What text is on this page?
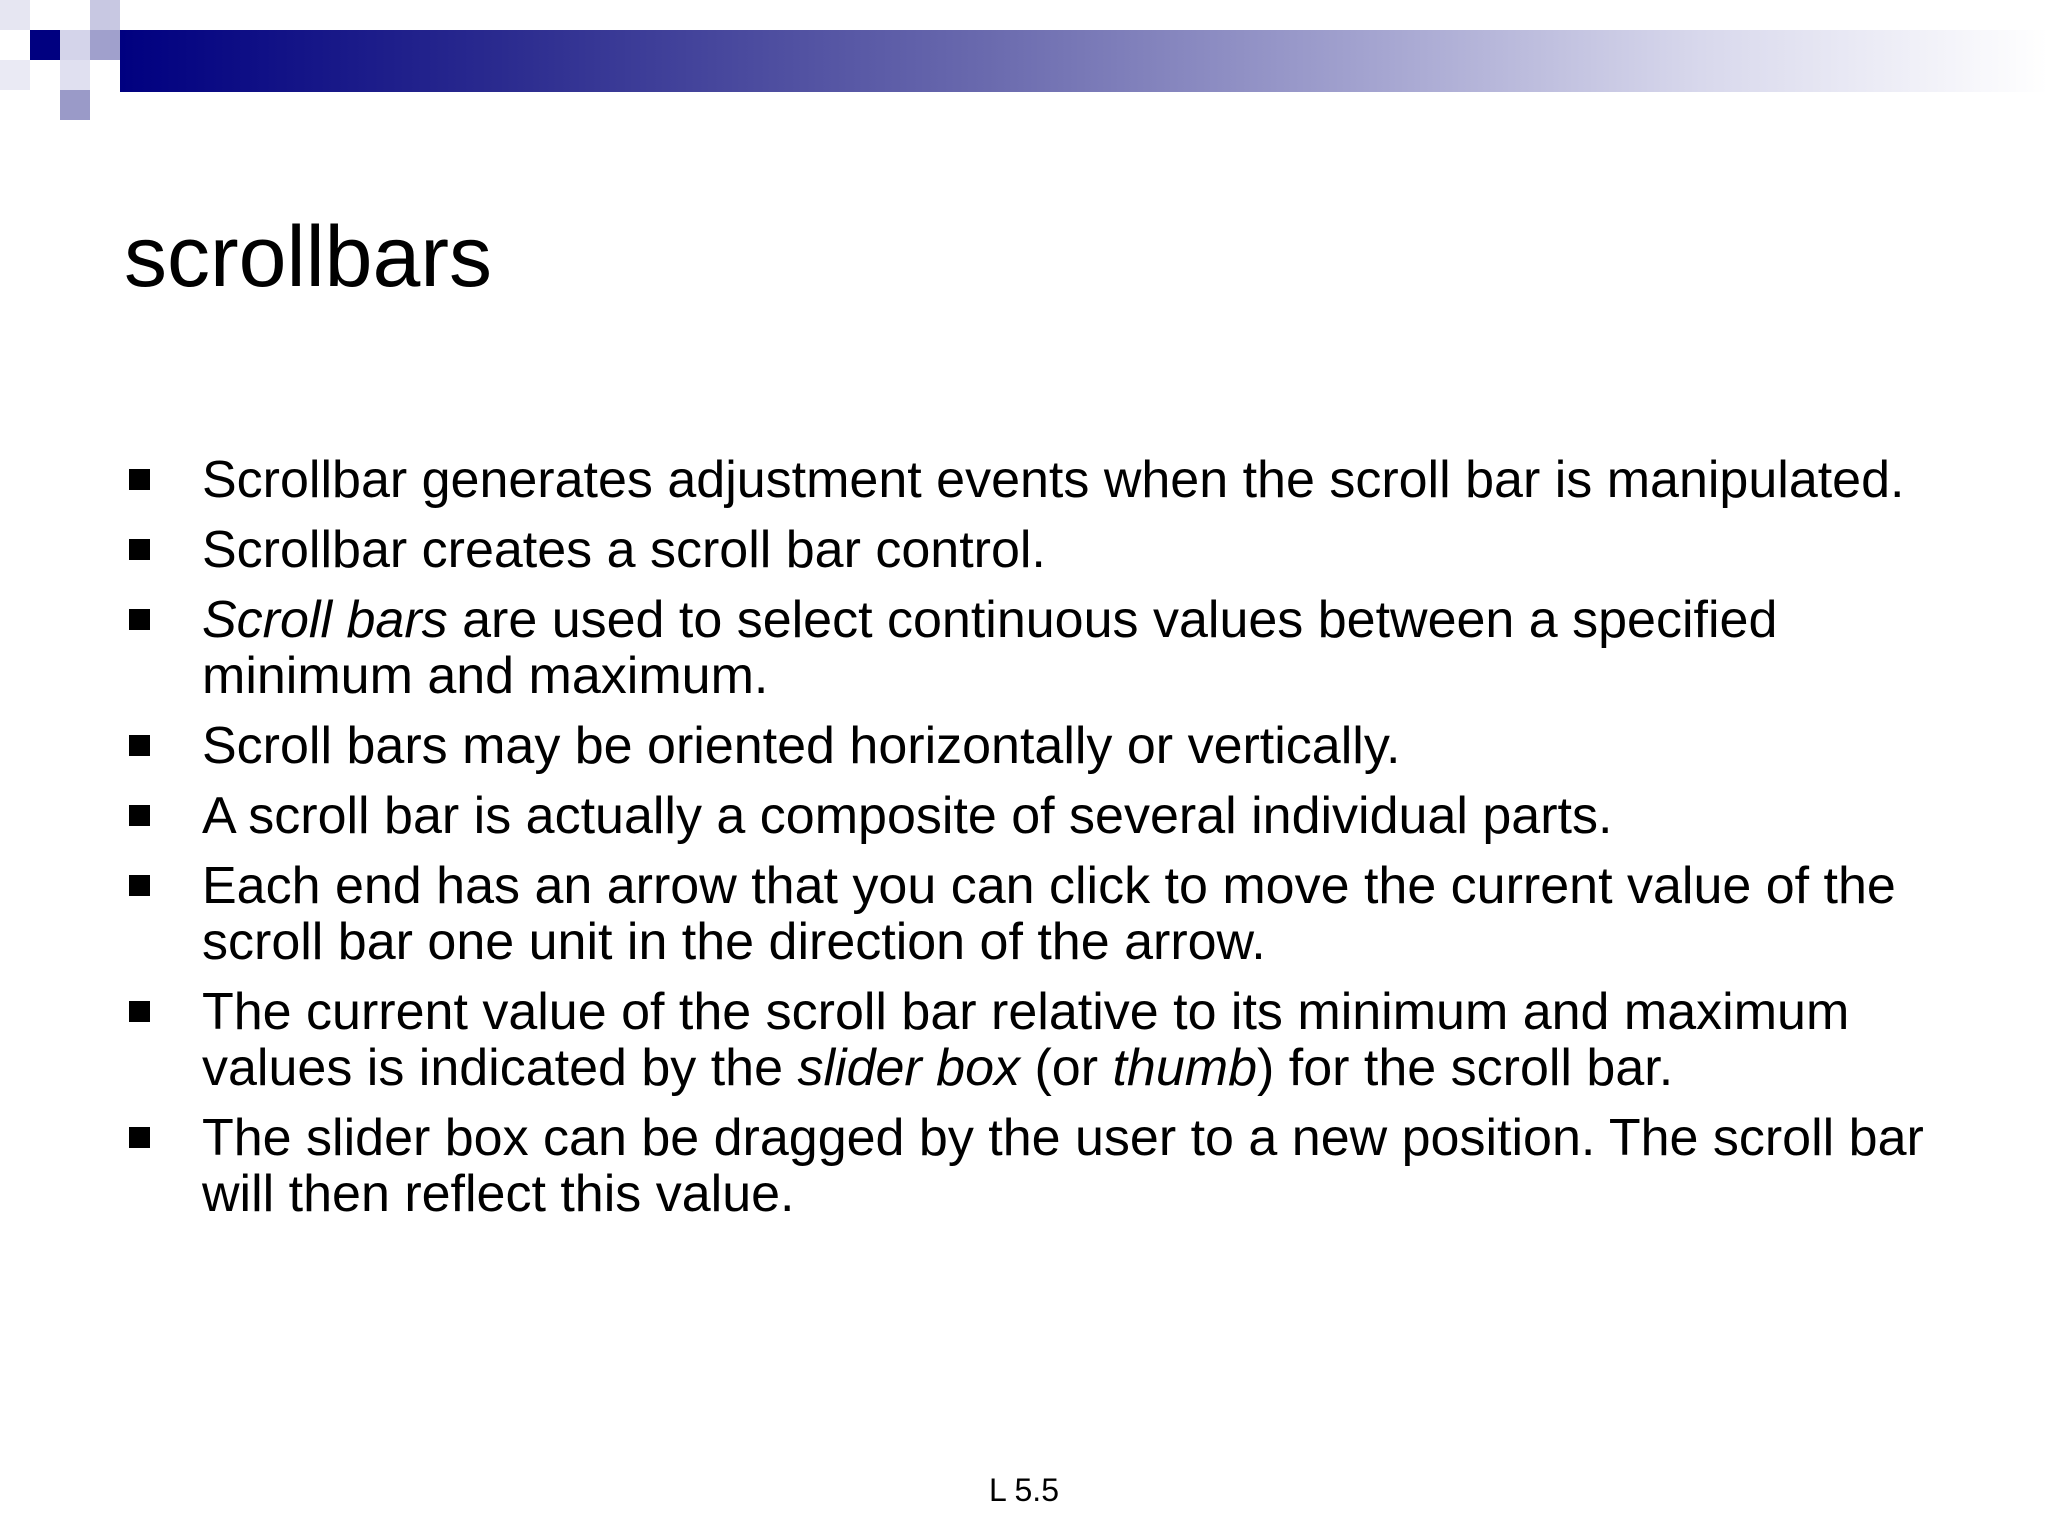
scrollbars
Scrollbar generates adjustment events when the scroll bar is manipulated.
Scrollbar creates a scroll bar control.
Scroll bars are used to select continuous values between a specified minimum and maximum.
Scroll bars may be oriented horizontally or vertically.
A scroll bar is actually a composite of several individual parts.
Each end has an arrow that you can click to move the current value of the scroll bar one unit in the direction of the arrow.
The current value of the scroll bar relative to its minimum and maximum values is indicated by the slider box (or thumb) for the scroll bar.
The slider box can be dragged by the user to a new position. The scroll bar will then reflect this value.
L 5.5
